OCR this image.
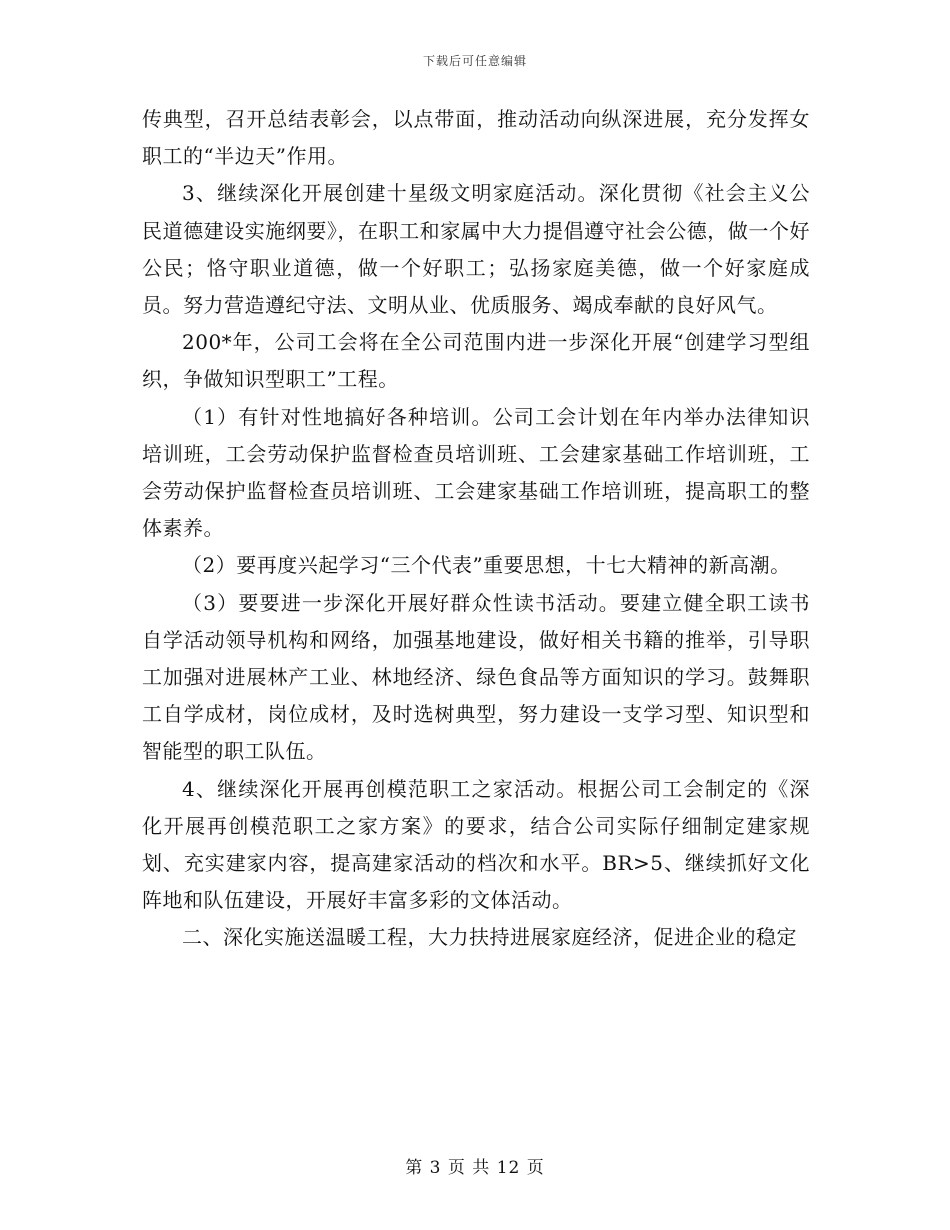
下载后可任意编辑

传典型，召开总结表彰会，以点带面，推动活动向纵深进展，充分发挥女职工的“半边天”作用。

3、继续深化开展创建十星级文明家庭活动。深化贯彻《社会主义公民道德建设实施纲要》，在职工和家属中大力提倡遵守社会公德，做一个好公民；恪守职业道德，做一个好职工；弘扬家庭美德，做一个好家庭成员。努力营造遵纪守法、文明从业、优质服务、竭成奉献的良好风气。

200*年，公司工会将在全公司范围内进一步深化开展“创建学习型组织，争做知识型职工”工程。

（1）有针对性地搞好各种培训。公司工会计划在年内举办法律知识培训班，工会劳动保护监督检查员培训班、工会建家基础工作培训班，工会劳动保护监督检查员培训班、工会建家基础工作培训班，提高职工的整体素养。

（2）要再度兴起学习“三个代表”重要思想，十七大精神的新高潮。

（3）要要进一步深化开展好群众性读书活动。要建立健全职工读书自学活动领导机构和网络，加强基地建设，做好相关书籍的推举，引导职工加强对进展林产工业、林地经济、绿色食品等方面知识的学习。鼓舞职工自学成材，岗位成材，及时选树典型，努力建设一支学习型、知识型和智能型的职工队伍。

4、继续深化开展再创模范职工之家活动。根据公司工会制定的《深化开展再创模范职工之家方案》的要求，结合公司实际仔细制定建家规划、充实建家内容，提高建家活动的档次和水平。BR>5、继续抓好文化阵地和队伍建设，开展好丰富多彩的文体活动。

二、深化实施送温暖工程，大力扶持进展家庭经济，促进企业的稳定

第 3 页 共 12 页
